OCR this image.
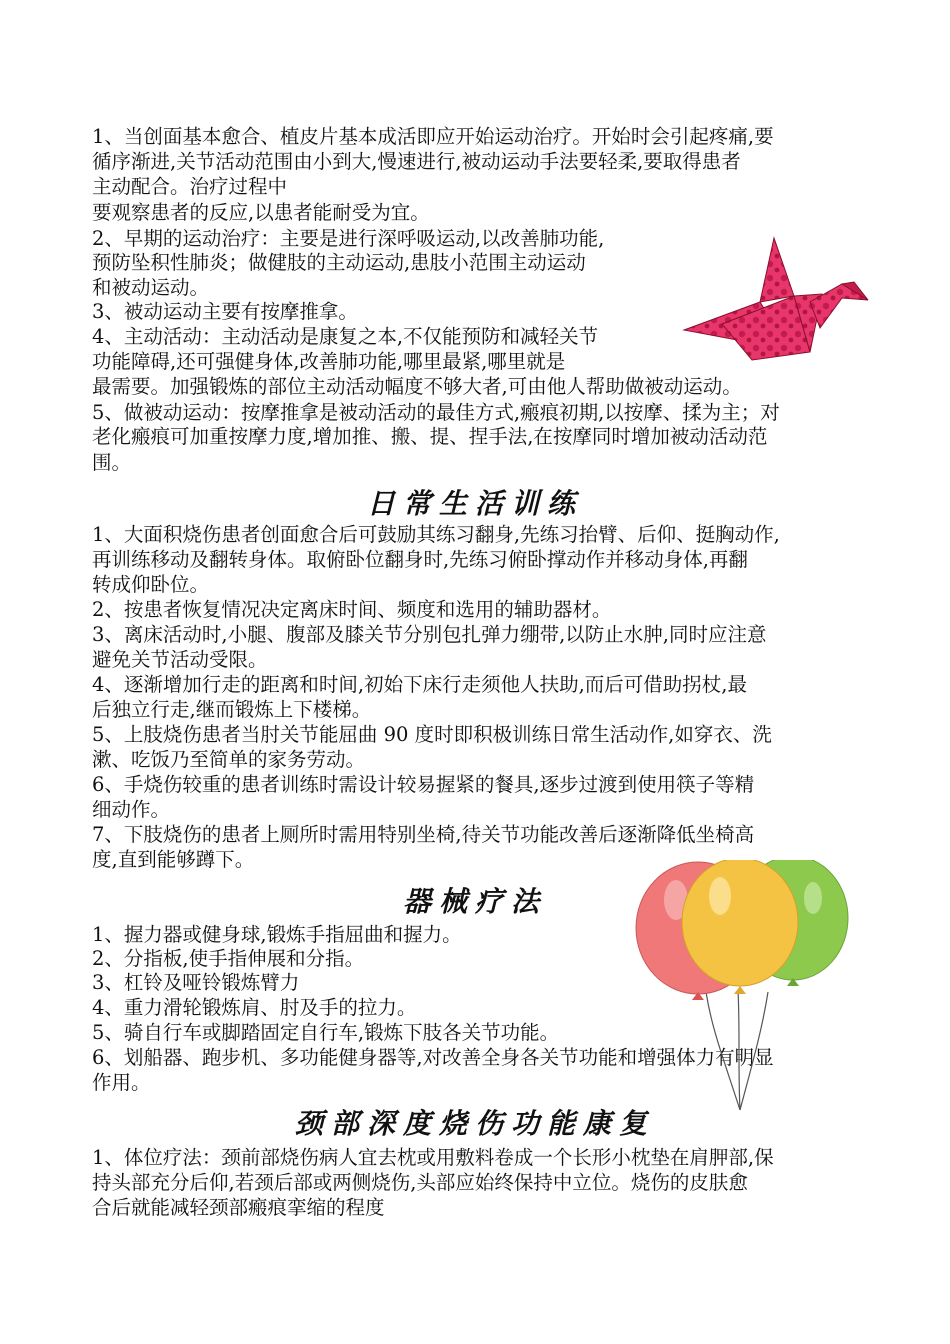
1、当创面基本愈合、植皮片基本成活即应开始运动治疗。开始时会引起疼痛,要
循序渐进,关节活动范围由小到大,慢速进行,被动运动手法要轻柔,要取得患者
主动配合。治疗过程中
要观察患者的反应,以患者能耐受为宜。
2、早期的运动治疗：主要是进行深呼吸运动,以改善肺功能,
预防坠积性肺炎；做健肢的主动运动,患肢小范围主动运动
和被动运动。
3、被动运动主要有按摩推拿。
4、主动活动：主动活动是康复之本,不仅能预防和减轻关节
功能障碍,还可强健身体,改善肺功能,哪里最紧,哪里就是
最需要。加强锻炼的部位主动活动幅度不够大者,可由他人帮助做被动运动。
5、做被动运动：按摩推拿是被动活动的最佳方式,瘢痕初期,以按摩、揉为主；对
老化瘢痕可加重按摩力度,增加推、搬、提、捏手法,在按摩同时增加被动活动范
围。
日常生活训练
1、大面积烧伤患者创面愈合后可鼓励其练习翻身,先练习抬臂、后仰、挺胸动作,
再训练移动及翻转身体。取俯卧位翻身时,先练习俯卧撑动作并移动身体,再翻
转成仰卧位。
2、按患者恢复情况决定离床时间、频度和选用的辅助器材。
3、离床活动时,小腿、腹部及膝关节分别包扎弹力绷带,以防止水肿,同时应注意
避免关节活动受限。
4、逐渐增加行走的距离和时间,初始下床行走须他人扶助,而后可借助拐杖,最
后独立行走,继而锻炼上下楼梯。
5、上肢烧伤患者当肘关节能屈曲 90 度时即积极训练日常生活动作,如穿衣、洗
漱、吃饭乃至简单的家务劳动。
6、手烧伤较重的患者训练时需设计较易握紧的餐具,逐步过渡到使用筷子等精
细动作。
7、下肢烧伤的患者上厕所时需用特别坐椅,待关节功能改善后逐渐降低坐椅高
度,直到能够蹲下。
器械疗法
1、握力器或健身球,锻炼手指屈曲和握力。
2、分指板,使手指伸展和分指。
3、杠铃及哑铃锻炼臂力
4、重力滑轮锻炼肩、肘及手的拉力。
5、骑自行车或脚踏固定自行车,锻炼下肢各关节功能。
6、划船器、跑步机、多功能健身器等,对改善全身各关节功能和增强体力有明显
作用。
颈部深度烧伤功能康复
1、体位疗法：颈前部烧伤病人宜去枕或用敷料卷成一个长形小枕垫在肩胛部,保
持头部充分后仰,若颈后部或两侧烧伤,头部应始终保持中立位。烧伤的皮肤愈
合后就能减轻颈部瘢痕挛缩的程度
